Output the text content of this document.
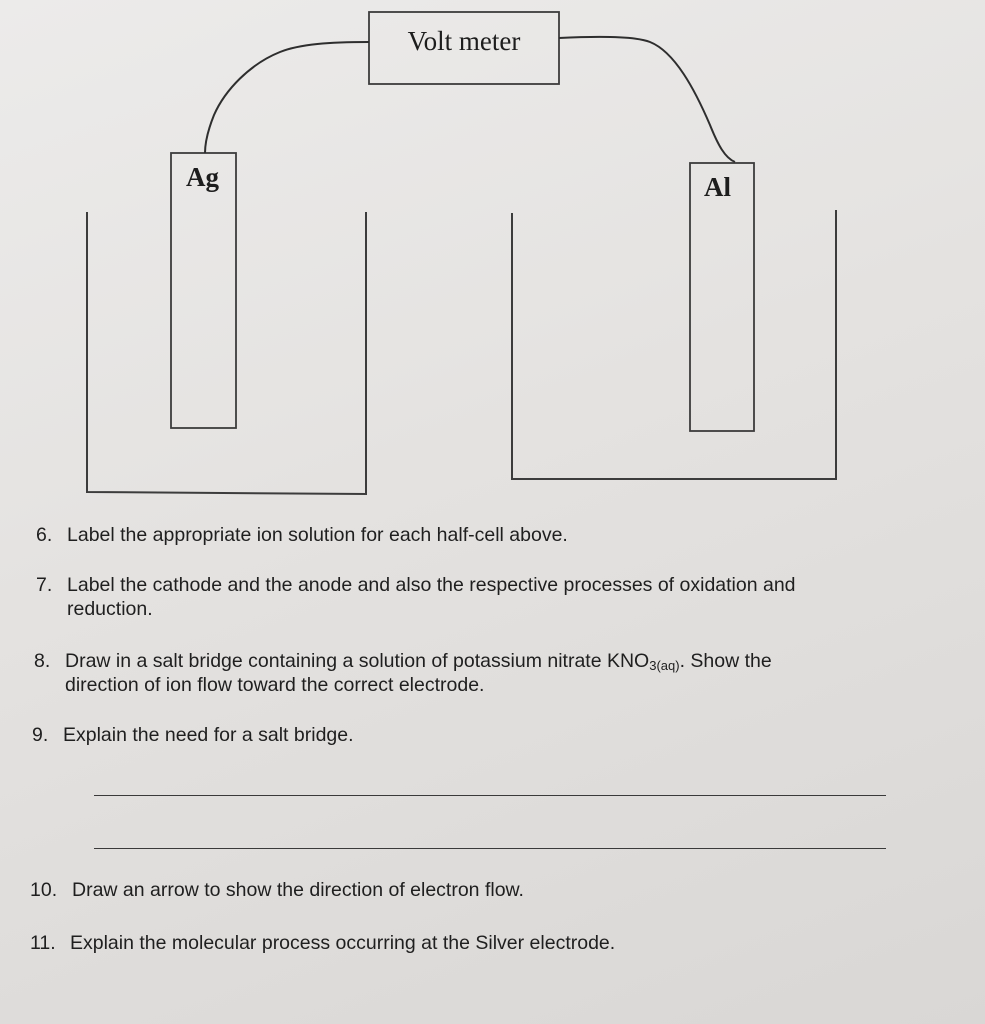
Volt meter
Ag	Al
6. Label the appropriate ion solution for each half-cell above.
7. Label the cathode and the anode and also the respective processes of oxidation and
reduction.
8. Draw in a salt bridge containing a solution of potassium nitrate $KNO_{3(aq)}$. Show the
direction of ion flow toward the correct electrode.
9. Explain the need for a salt bridge.
10. Draw an arrow to show the direction of electron flow.
11. Explain the molecular process occurring at the Silver electrode.
